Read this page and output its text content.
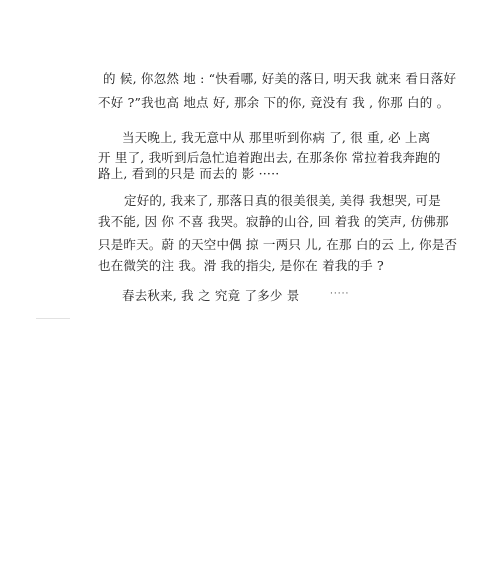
的 候, 你忽然 地 : “快看哪, 好美的落日, 明天我 就来 看日落好
不好 ?”我也高 地点 好, 那余 下的你, 竟没有 我 , 你那 白的 。
当天晚上, 我无意中从 那里听到你病 了, 很 重, 必 上离
开 里了, 我听到后急忙追着跑出去, 在那条你 常拉着我奔跑的
路上, 看到的只是 而去的 影 ·····
定好的, 我来了, 那落日真的很美很美, 美得 我想哭, 可是
我不能, 因 你 不喜 我哭。寂静的山谷, 回 着我 的笑声, 仿佛那
只是昨天。蔚 的天空中偶 掠 一两只 儿, 在那 白的云 上, 你是否
也在微笑的注 我。滑 我的指尖, 是你在 着我的手 ?
春去秋来, 我 之 究竟 了多少 景	·····
